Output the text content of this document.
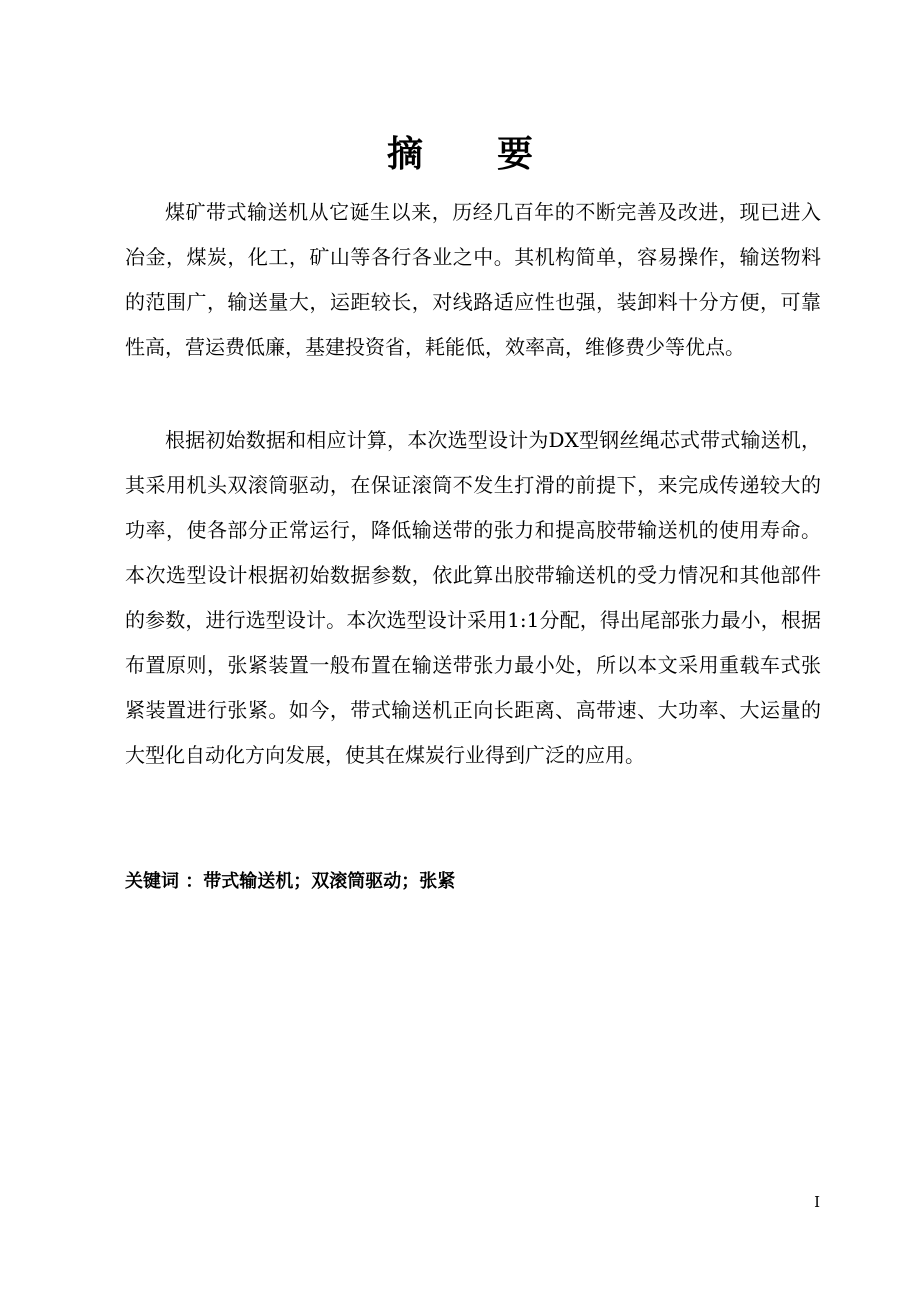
摘要

煤矿带式输送机从它诞生以来，历经几百年的不断完善及改进，现已进入冶金，煤炭，化工，矿山等各行各业之中。其机构简单，容易操作，输送物料的范围广，输送量大，运距较长，对线路适应性也强，装卸料十分方便，可靠性高，营运费低廉，基建投资省，耗能低，效率高，维修费少等优点。

根据初始数据和相应计算，本次选型设计为DX型钢丝绳芯式带式输送机，其采用机头双滚筒驱动，在保证滚筒不发生打滑的前提下，来完成传递较大的功率，使各部分正常运行，降低输送带的张力和提高胶带输送机的使用寿命。本次选型设计根据初始数据参数，依此算出胶带输送机的受力情况和其他部件的参数，进行选型设计。本次选型设计采用1:1分配，得出尾部张力最小，根据布置原则，张紧装置一般布置在输送带张力最小处，所以本文采用重载车式张紧装置进行张紧。如今，带式输送机正向长距离、高带速、大功率、大运量的大型化自动化方向发展，使其在煤炭行业得到广泛的应用。

关键词 ：带式输送机；双滚筒驱动；张紧
I
